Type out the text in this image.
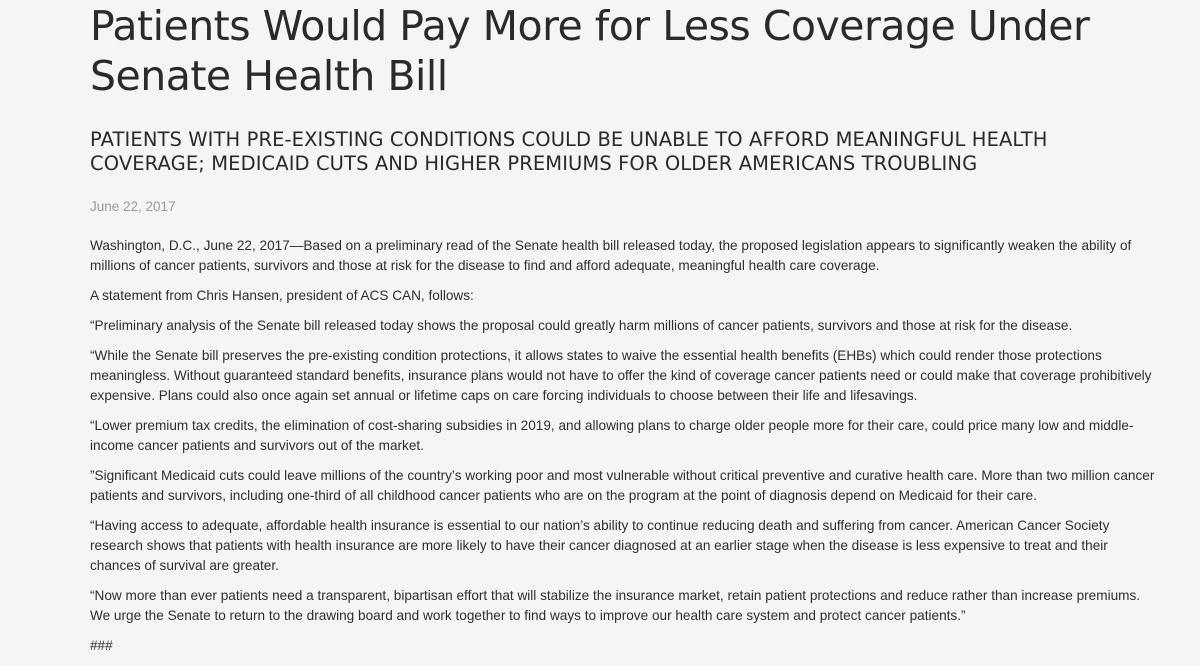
Patients Would Pay More for Less Coverage Under Senate Health Bill
PATIENTS WITH PRE-EXISTING CONDITIONS COULD BE UNABLE TO AFFORD MEANINGFUL HEALTH COVERAGE; MEDICAID CUTS AND HIGHER PREMIUMS FOR OLDER AMERICANS TROUBLING
June 22, 2017

Washington, D.C., June 22, 2017—Based on a preliminary read of the Senate health bill released today, the proposed legislation appears to significantly weaken the ability of millions of cancer patients, survivors and those at risk for the disease to find and afford adequate, meaningful health care coverage.

A statement from Chris Hansen, president of ACS CAN, follows:

“Preliminary analysis of the Senate bill released today shows the proposal could greatly harm millions of cancer patients, survivors and those at risk for the disease.

“While the Senate bill preserves the pre-existing condition protections, it allows states to waive the essential health benefits (EHBs) which could render those protections meaningless. Without guaranteed standard benefits, insurance plans would not have to offer the kind of coverage cancer patients need or could make that coverage prohibitively expensive. Plans could also once again set annual or lifetime caps on care forcing individuals to choose between their life and lifesavings.

“Lower premium tax credits, the elimination of cost-sharing subsidies in 2019, and allowing plans to charge older people more for their care, could price many low and middle-income cancer patients and survivors out of the market.

”Significant Medicaid cuts could leave millions of the country’s working poor and most vulnerable without critical preventive and curative health care. More than two million cancer patients and survivors, including one-third of all childhood cancer patients who are on the program at the point of diagnosis depend on Medicaid for their care.

“Having access to adequate, affordable health insurance is essential to our nation’s ability to continue reducing death and suffering from cancer. American Cancer Society research shows that patients with health insurance are more likely to have their cancer diagnosed at an earlier stage when the disease is less expensive to treat and their chances of survival are greater.

“Now more than ever patients need a transparent, bipartisan effort that will stabilize the insurance market, retain patient protections and reduce rather than increase premiums. We urge the Senate to return to the drawing board and work together to find ways to improve our health care system and protect cancer patients.”

###
